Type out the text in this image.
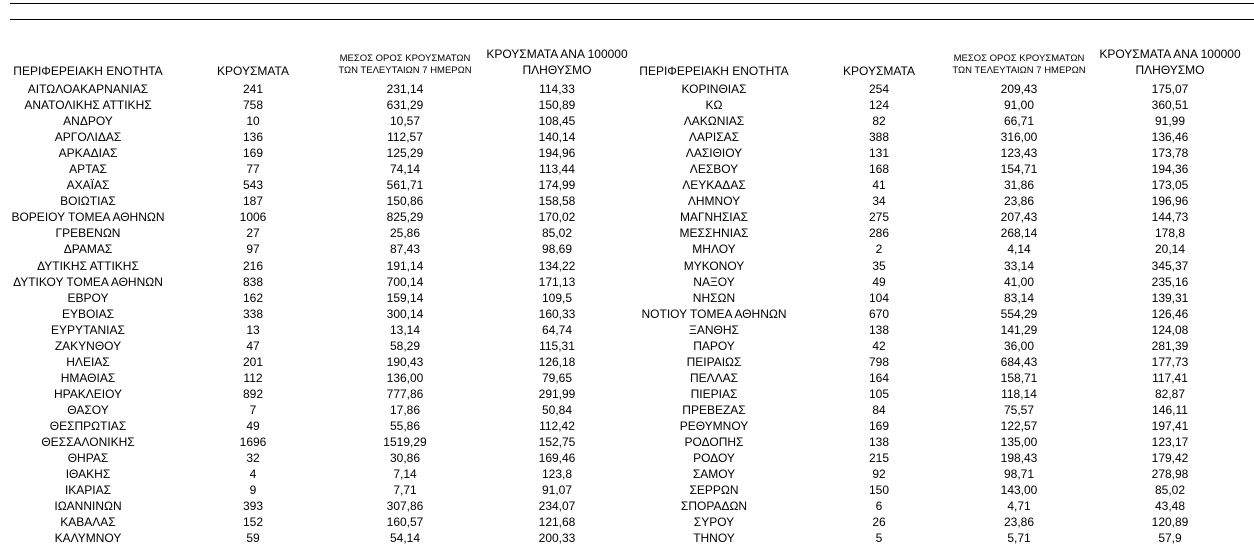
ΠΕΡΙΦΕΡΕΙΑΚΗ ΕΝΟΤΗΤΑ	ΚΡΟΥΣΜΑΤΑ
ΜΕΣΟΣ ΟΡΟΣ ΚΡΟΥΣΜΑΤΩΝ
ΤΩΝ ΤΕΛΕΥΤΑΙΩΝ 7 ΗΜΕΡΩΝ
ΚΡΟΥΣΜΑΤΑ ΑΝΑ 100000
ΠΛΗΘΥΣΜΟ
ΑΙΤΩΛΟΑΚΑΡΝΑΝΙΑΣ	241	231,14	114,33
ΑΝΑΤΟΛΙΚΗΣ ΑΤΤΙΚΗΣ	758	631,29	150,89
ΑΝΔΡΟΥ	10	10,57	108,45
ΑΡΓΟΛΙΔΑΣ	136	112,57	140,14
ΑΡΚΑΔΙΑΣ	169	125,29	194,96
ΑΡΤΑΣ	77	74,14	113,44
ΑΧΑΪΑΣ	543	561,71	174,99
ΒΟΙΩΤΙΑΣ	187	150,86	158,58
ΒΟΡΕΙΟΥ ΤΟΜΕΑ ΑΘΗΝΩΝ	1006	825,29	170,02
ΓΡΕΒΕΝΩΝ	27	25,86	85,02
ΔΡΑΜΑΣ	97	87,43	98,69
ΔΥΤΙΚΗΣ ΑΤΤΙΚΗΣ	216	191,14	134,22
ΔΥΤΙΚΟΥ ΤΟΜΕΑ ΑΘΗΝΩΝ	838	700,14	171,13
ΕΒΡΟΥ	162	159,14	109,5
ΕΥΒΟΙΑΣ	338	300,14	160,33
ΕΥΡΥΤΑΝΙΑΣ	13	13,14	64,74
ΖΑΚΥΝΘΟΥ	47	58,29	115,31
ΗΛΕΙΑΣ	201	190,43	126,18
ΗΜΑΘΙΑΣ	112	136,00	79,65
ΗΡΑΚΛΕΙΟΥ	892	777,86	291,99
ΘΑΣΟΥ	7	17,86	50,84
ΘΕΣΠΡΩΤΙΑΣ	49	55,86	112,42
ΘΕΣΣΑΛΟΝΙΚΗΣ	1696	1519,29	152,75
ΘΗΡΑΣ	32	30,86	169,46
ΙΘΑΚΗΣ	4	7,14	123,8
ΙΚΑΡΙΑΣ	9	7,71	91,07
ΙΩΑΝΝΙΝΩΝ	393	307,86	234,07
ΚΑΒΑΛΑΣ	152	160,57	121,68
ΚΑΛΥΜΝΟΥ	59	54,14	200,33
ΠΕΡΙΦΕΡΕΙΑΚΗ ΕΝΟΤΗΤΑ	ΚΡΟΥΣΜΑΤΑ
ΜΕΣΟΣ ΟΡΟΣ ΚΡΟΥΣΜΑΤΩΝ
ΤΩΝ ΤΕΛΕΥΤΑΙΩΝ 7 ΗΜΕΡΩΝ
ΚΡΟΥΣΜΑΤΑ ΑΝΑ 100000
ΠΛΗΘΥΣΜΟ
ΚΟΡΙΝΘΙΑΣ	254	209,43	175,07
ΚΩ	124	91,00	360,51
ΛΑΚΩΝΙΑΣ	82	66,71	91,99
ΛΑΡΙΣΑΣ	388	316,00	136,46
ΛΑΣΙΘΙΟΥ	131	123,43	173,78
ΛΕΣΒΟΥ	168	154,71	194,36
ΛΕΥΚΑΔΑΣ	41	31,86	173,05
ΛΗΜΝΟΥ	34	23,86	196,96
ΜΑΓΝΗΣΙΑΣ	275	207,43	144,73
ΜΕΣΣΗΝΙΑΣ	286	268,14	178,8
ΜΗΛΟΥ	2	4,14	20,14
ΜΥΚΟΝΟΥ	35	33,14	345,37
ΝΑΞΟΥ	49	41,00	235,16
ΝΗΣΩΝ	104	83,14	139,31
ΝΟΤΙΟΥ ΤΟΜΕΑ ΑΘΗΝΩΝ	670	554,29	126,46
ΞΑΝΘΗΣ	138	141,29	124,08
ΠΑΡΟΥ	42	36,00	281,39
ΠΕΙΡΑΙΩΣ	798	684,43	177,73
ΠΕΛΛΑΣ	164	158,71	117,41
ΠΙΕΡΙΑΣ	105	118,14	82,87
ΠΡΕΒΕΖΑΣ	84	75,57	146,11
ΡΕΘΥΜΝΟΥ	169	122,57	197,41
ΡΟΔΟΠΗΣ	138	135,00	123,17
ΡΟΔΟΥ	215	198,43	179,42
ΣΑΜΟΥ	92	98,71	278,98
ΣΕΡΡΩΝ	150	143,00	85,02
ΣΠΟΡΑΔΩΝ	6	4,71	43,48
ΣΥΡΟΥ	26	23,86	120,89
ΤΗΝΟΥ	5	5,71	57,9
